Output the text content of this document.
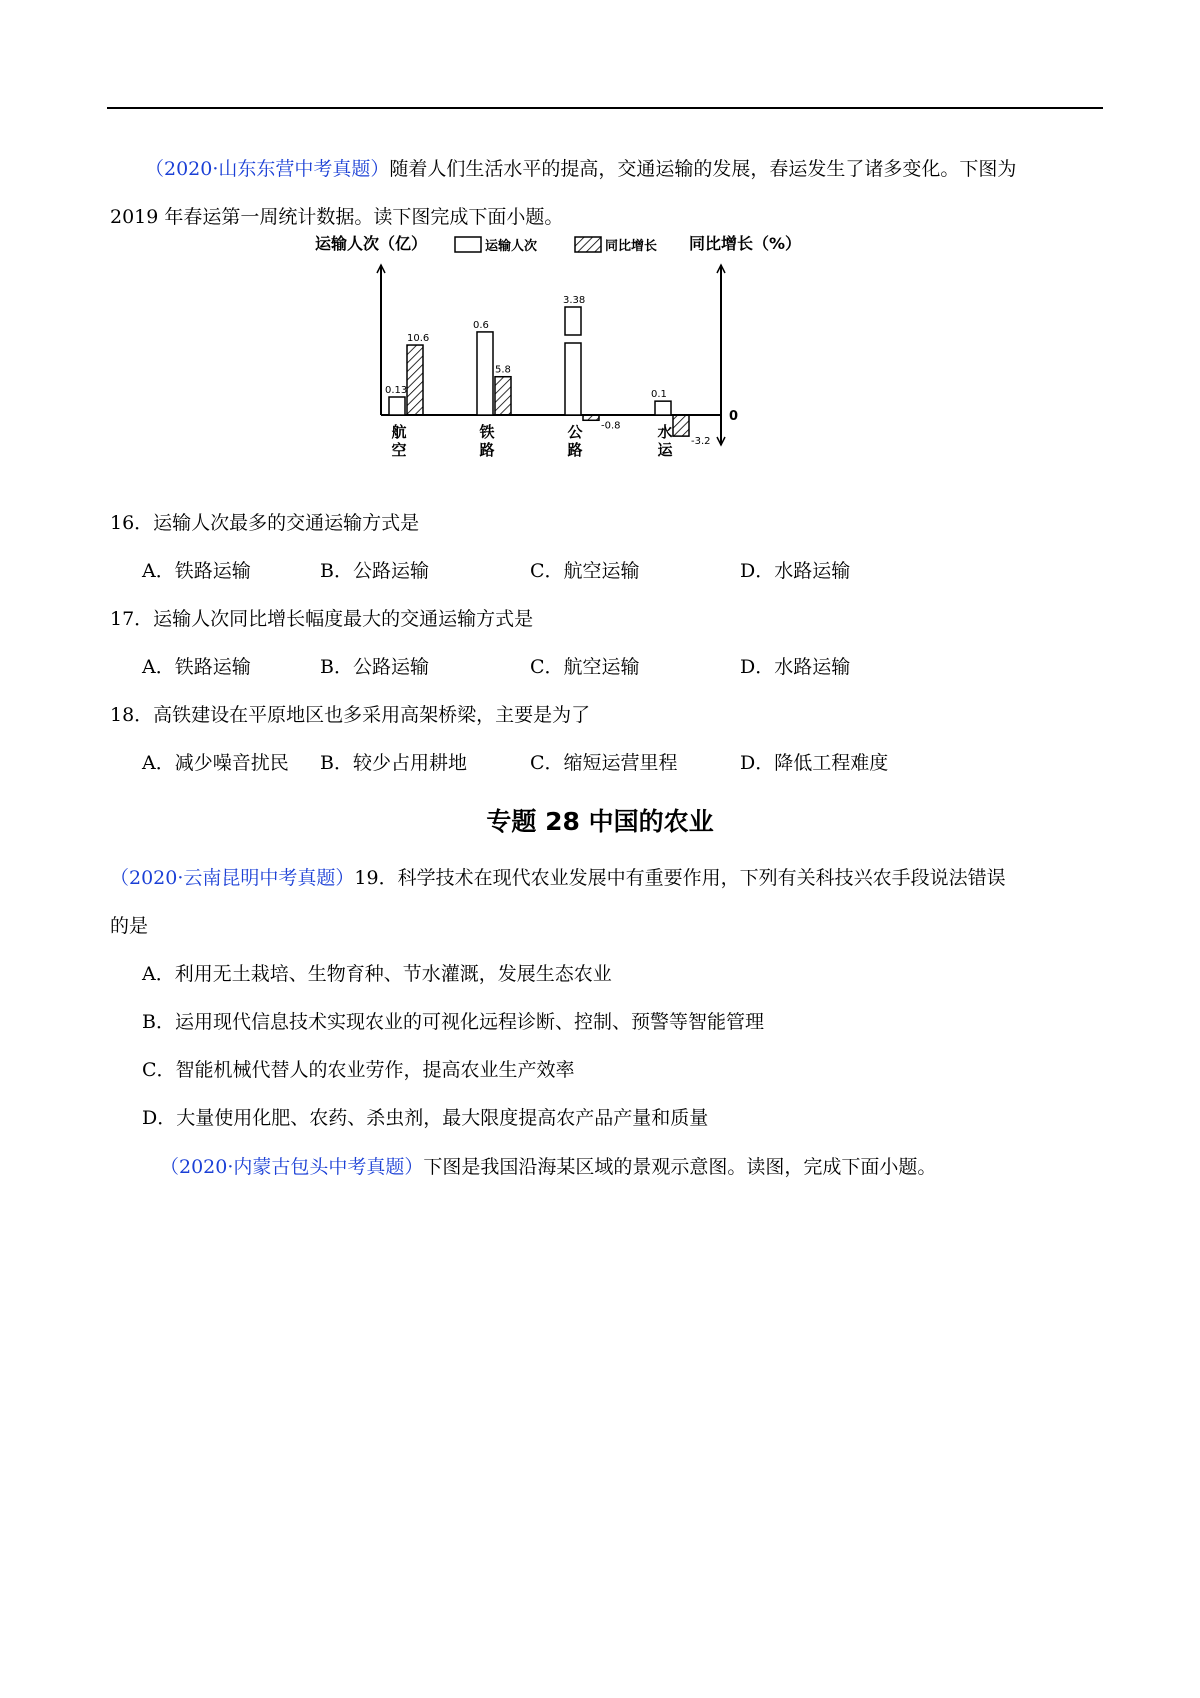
（2020·山东东营中考真题）随着人们生活水平的提高，交通运输的发展，春运发生了诸多变化。下图为
2019 年春运第一周统计数据。读下图完成下面小题。
运输人次（亿）	同比增长（%）
0
运输人次	同比增长
0.13
0.6
3.38
0.1
10.6
5.8
-0.8
-3.2
航
空
铁
路
公
路
水
运
16．运输人次最多的交通运输方式是
A．铁路运输	B．公路运输	C．航空运输	D．水路运输
17．运输人次同比增长幅度最大的交通运输方式是
A．铁路运输	B．公路运输	C．航空运输	D．水路运输
18．高铁建设在平原地区也多采用高架桥梁，主要是为了
A．减少噪音扰民 B．较少占用耕地	C．缩短运营里程	D．降低工程难度
专题 28 中国的农业
（2020·云南昆明中考真题）19．科学技术在现代农业发展中有重要作用，下列有关科技兴农手段说法错误
的是
A．利用无土栽培、生物育种、节水灌溉，发展生态农业
B．运用现代信息技术实现农业的可视化远程诊断、控制、预警等智能管理
C．智能机械代替人的农业劳作，提高农业生产效率
D．大量使用化肥、农药、杀虫剂，最大限度提高农产品产量和质量
（2020·内蒙古包头中考真题）下图是我国沿海某区域的景观示意图。读图，完成下面小题。
